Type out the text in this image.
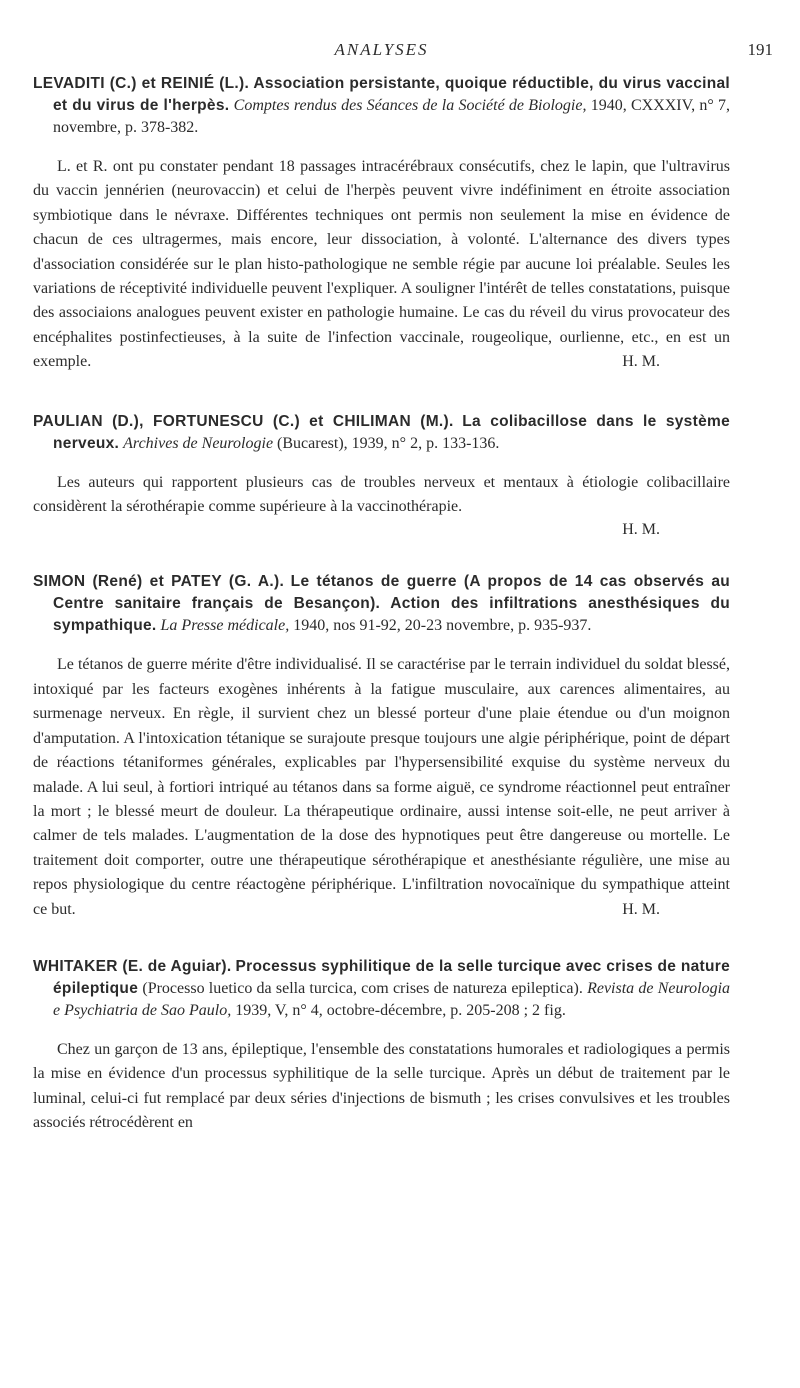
ANALYSES	191

LEVADITI (C.) et REINIÉ (L.). Association persistante, quoique réductible, du virus vaccinal et du virus de l'herpès. Comptes rendus des Séances de la Société de Biologie, 1940, CXXXIV, n° 7, novembre, p. 378-382.

L. et R. ont pu constater pendant 18 passages intracérébraux consécutifs, chez le lapin, que l'ultravirus du vaccin jennérien (neurovaccin) et celui de l'herpès peuvent vivre indéfiniment en étroite association symbiotique dans le névraxe. Différentes techniques ont permis non seulement la mise en évidence de chacun de ces ultragermes, mais encore, leur dissociation, à volonté. L'alternance des divers types d'association considérée sur le plan histo-pathologique ne semble régie par aucune loi préalable. Seules les variations de réceptivité individuelle peuvent l'expliquer. A souligner l'intérêt de telles constatations, puisque des associaions analogues peuvent exister en pathologie humaine. Le cas du réveil du virus provocateur des encéphalites postinfectieuses, à la suite de l'infection vaccinale, rougeolique, ourlienne, etc., en est un exemple.	H. M.

PAULIAN (D.), FORTUNESCU (C.) et CHILIMAN (M.). La colibacillose dans le système nerveux. Archives de Neurologie (Bucarest), 1939, n° 2, p. 133-136.

Les auteurs qui rapportent plusieurs cas de troubles nerveux et mentaux à étiologie colibacillaire considèrent la sérothérapie comme supérieure à la vaccinothérapie.

H. M.

SIMON (René) et PATEY (G. A.). Le tétanos de guerre (A propos de 14 cas observés au Centre sanitaire français de Besançon). Action des infiltrations anesthésiques du sympathique. La Presse médicale, 1940, nos 91-92, 20-23 novembre, p. 935-937.

Le tétanos de guerre mérite d'être individualisé. Il se caractérise par le terrain individuel du soldat blessé, intoxiqué par les facteurs exogènes inhérents à la fatigue musculaire, aux carences alimentaires, au surmenage nerveux. En règle, il survient chez un blessé porteur d'une plaie étendue ou d'un moignon d'amputation. A l'intoxication tétanique se surajoute presque toujours une algie périphérique, point de départ de réactions tétaniformes générales, explicables par l'hypersensibilité exquise du système nerveux du malade. A lui seul, à fortiori intriqué au tétanos dans sa forme aiguë, ce syndrome réactionnel peut entraîner la mort ; le blessé meurt de douleur. La thérapeutique ordinaire, aussi intense soit-elle, ne peut arriver à calmer de tels malades. L'augmentation de la dose des hypnotiques peut être dangereuse ou mortelle. Le traitement doit comporter, outre une thérapeutique sérothérapique et anesthésiante régulière, une mise au repos physiologique du centre réactogène périphérique. L'infiltration novocaïnique du sympathique atteint ce but.	H. M.

WHITAKER (E. de Aguiar). Processus syphilitique de la selle turcique avec crises de nature épileptique (Processo luetico da sella turcica, com crises de natureza epileptica). Revista de Neurologia e Psychiatria de Sao Paulo, 1939, V, n° 4, octobre-décembre, p. 205-208 ; 2 fig.

Chez un garçon de 13 ans, épileptique, l'ensemble des constatations humorales et radiologiques a permis la mise en évidence d'un processus syphilitique de la selle turcique. Après un début de traitement par le luminal, celui-ci fut remplacé par deux séries d'injections de bismuth ; les crises convulsives et les troubles associés rétrocédèrent en
